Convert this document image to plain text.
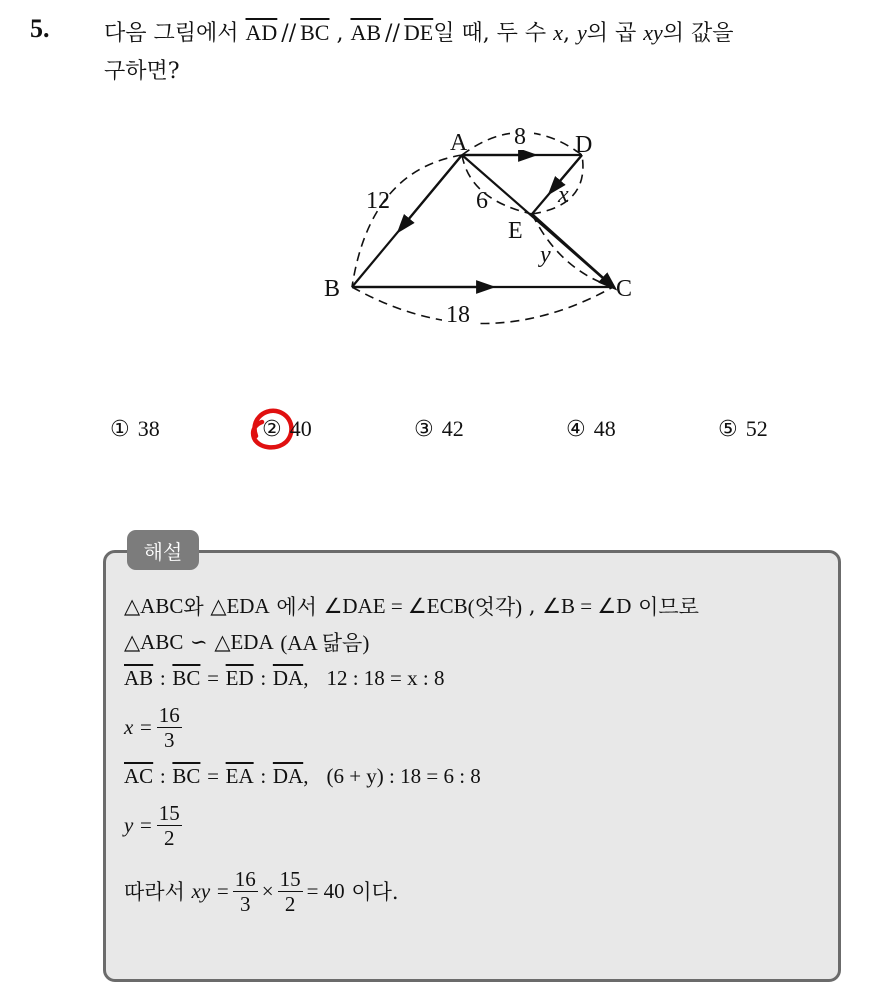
5. 다음 그림에서 $\overline{AD} // \overline{BC}$ , $\overline{AB} // \overline{DE}$일 때, 두 수 x, y의 곱 xy의 값을
구하면?
8
A	D
B	C
E
12	6	x
y
18
① 38	② 40	③ 42	④ 48	⑤ 52
해설
△ABC 와
△EDA
에서
∠DAE = ∠ECB (엇각)
,
∠B = ∠D
이므로
△ABC
∽
△EDA
(AA 닮음)
$\overline{AB}$
:
$\overline{BC}$
=
$\overline{ED}$
:
$\overline{DA}$ , 12 : 18 = x : 8
$x = \frac{16}{3}$
$\overline{AC}$
:
$\overline{BC}$
=
$\overline{EA}$
:
$\overline{DA}$ , (6 + y) : 18 = 6 : 8
$y = \frac{15}{2}$
따라서
xy
= $\frac{16}{3} \times \frac{15}{2} = 40$
이다.
